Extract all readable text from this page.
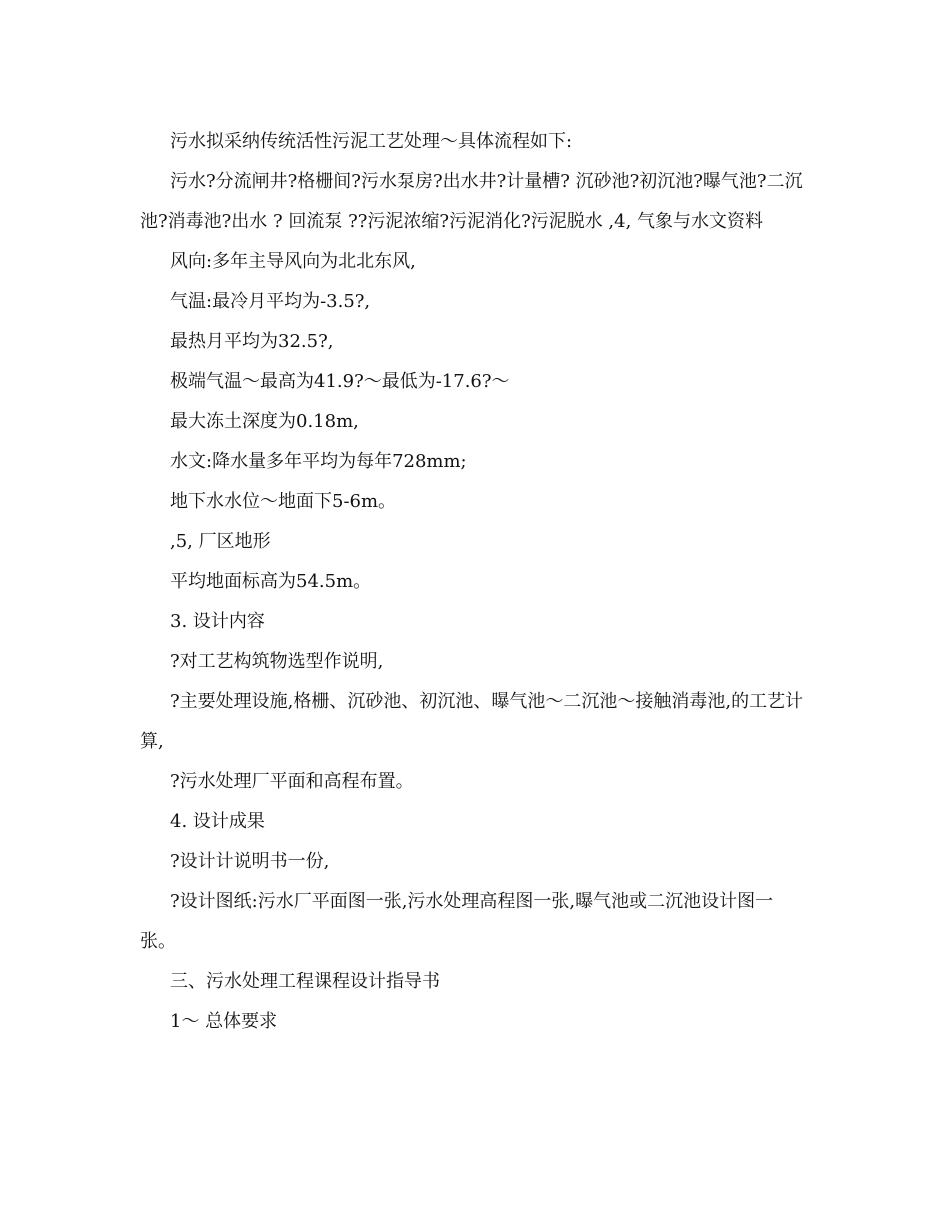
污水拟采纳传统活性污泥工艺处理～具体流程如下:

污水?分流闸井?格栅间?污水泵房?出水井?计量槽? 沉砂池?初沉池?曝气池?二沉池?消毒池?出水 ? 回流泵 ??污泥浓缩?污泥消化?污泥脱水 ,4, 气象与水文资料

风向:多年主导风向为北北东风,

气温:最冷月平均为-3.5?,

最热月平均为32.5?,

极端气温～最高为41.9?～最低为-17.6?～

最大冻土深度为0.18m,

水文:降水量多年平均为每年728mm;

地下水水位～地面下5-6m。

,5, 厂区地形

平均地面标高为54.5m。

3. 设计内容

?对工艺构筑物选型作说明,

?主要处理设施,格栅、沉砂池、初沉池、曝气池～二沉池～接触消毒池,的工艺计算,

?污水处理厂平面和高程布置。

4. 设计成果

?设计计说明书一份,

?设计图纸:污水厂平面图一张,污水处理高程图一张,曝气池或二沉池设计图一张。

三、污水处理工程课程设计指导书

1～ 总体要求
